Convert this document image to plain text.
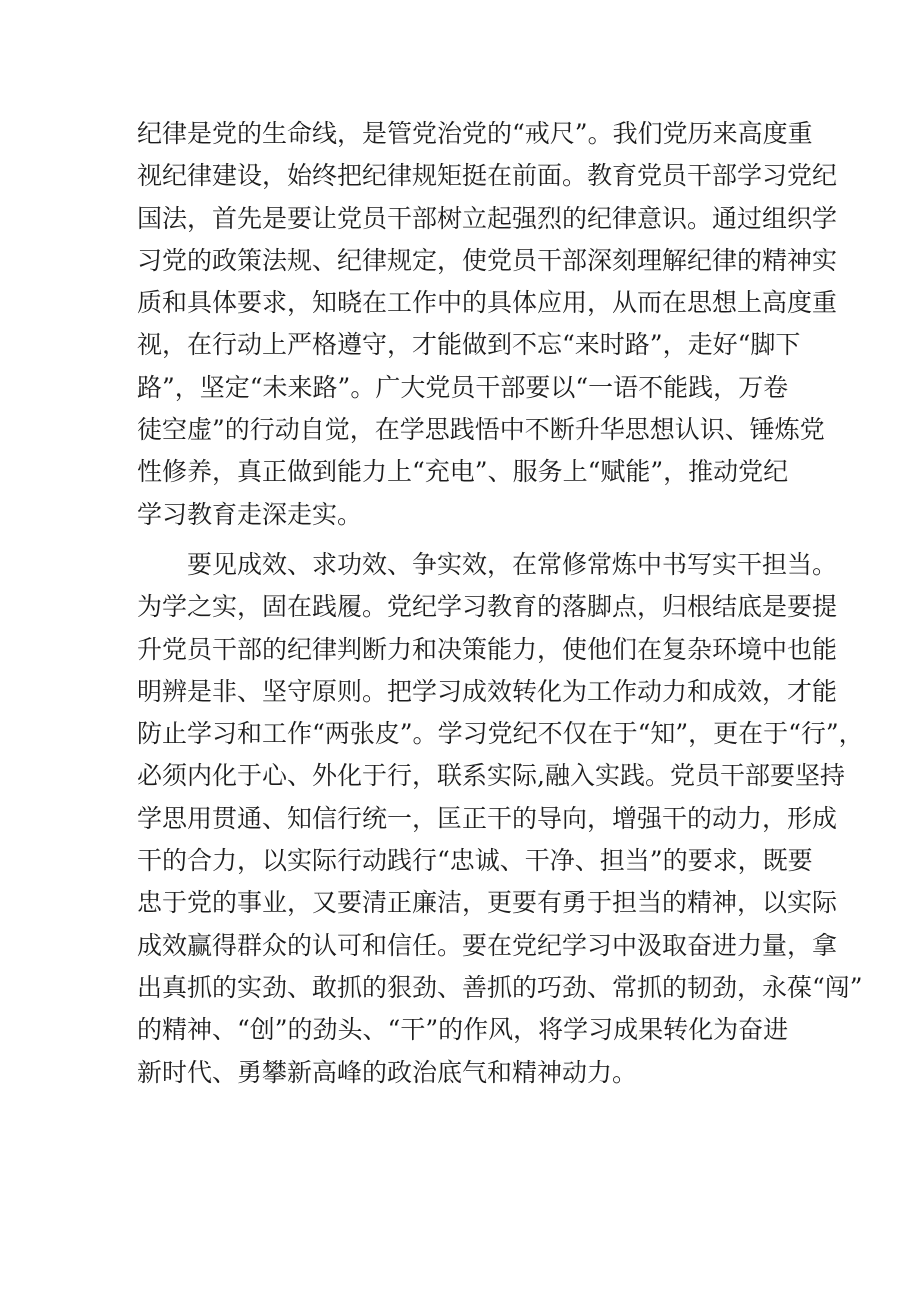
纪律是党的生命线，是管党治党的“戒尺”。我们党历来高度重
视纪律建设，始终把纪律规矩挺在前面。教育党员干部学习党纪
国法，首先是要让党员干部树立起强烈的纪律意识。通过组织学
习党的政策法规、纪律规定，使党员干部深刻理解纪律的精神实
质和具体要求，知晓在工作中的具体应用，从而在思想上高度重
视，在行动上严格遵守，才能做到不忘“来时路”，走好“脚下
路”，坚定“未来路”。广大党员干部要以“一语不能践，万卷
徒空虚”的行动自觉，在学思践悟中不断升华思想认识、锤炼党
性修养，真正做到能力上“充电”、服务上“赋能”，推动党纪
学习教育走深走实。
要见成效、求功效、争实效，在常修常炼中书写实干担当。
为学之实，固在践履。党纪学习教育的落脚点，归根结底是要提
升党员干部的纪律判断力和决策能力，使他们在复杂环境中也能
明辨是非、坚守原则。把学习成效转化为工作动力和成效，才能
防止学习和工作“两张皮”。学习党纪不仅在于“知”，更在于“行”，
必须内化于心、外化于行，联系实际,融入实践。党员干部要坚持
学思用贯通、知信行统一，匡正干的导向，增强干的动力，形成
干的合力，以实际行动践行“忠诚、干净、担当”的要求，既要
忠于党的事业，又要清正廉洁，更要有勇于担当的精神，以实际
成效赢得群众的认可和信任。要在党纪学习中汲取奋进力量，拿
出真抓的实劲、敢抓的狠劲、善抓的巧劲、常抓的韧劲，永葆“闯”
的精神、“创”的劲头、“干”的作风，将学习成果转化为奋进
新时代、勇攀新高峰的政治底气和精神动力。
